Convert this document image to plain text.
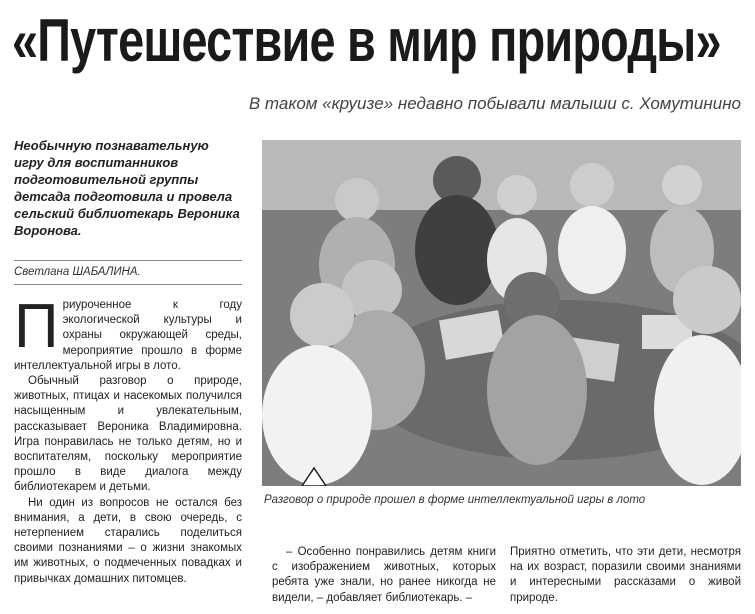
«Путешествие в мир природы»
В таком «круизе» недавно побывали малыши с. Хомутинино

Необычную познавательную игру для воспитанников подготовительной группы детсада подготовила и провела сельский библиотекарь Вероника Воронова.

Светлана ШАБАЛИНА.

Приуроченное к году экологической культуры и охраны окружающей среды, мероприятие прошло в форме интеллектуальной игры в лото.

Обычный разговор о природе, животных, птицах и насекомых получился насыщенным и увлекательным, рассказывает Вероника Владимировна. Игра понравилась не только детям, но и воспитателям, поскольку мероприятие прошло в виде диалога между библиотекарем и детьми.

Ни один из вопросов не остался без внимания, а дети, в свою очередь, с нетерпением старались поделиться своими познаниями – о жизни знакомых им животных, о подмеченных повадках и привычках домашних питомцев.

Разговор о природе прошел в форме интеллектуальной игры в лото

– Особенно понравились детям книги с изображением животных, которых ребята уже знали, но ранее никогда не видели, – добавляет библиотекарь. –

Приятно отметить, что эти дети, несмотря на их возраст, поразили своими знаниями и интересными рассказами о живой природе.
